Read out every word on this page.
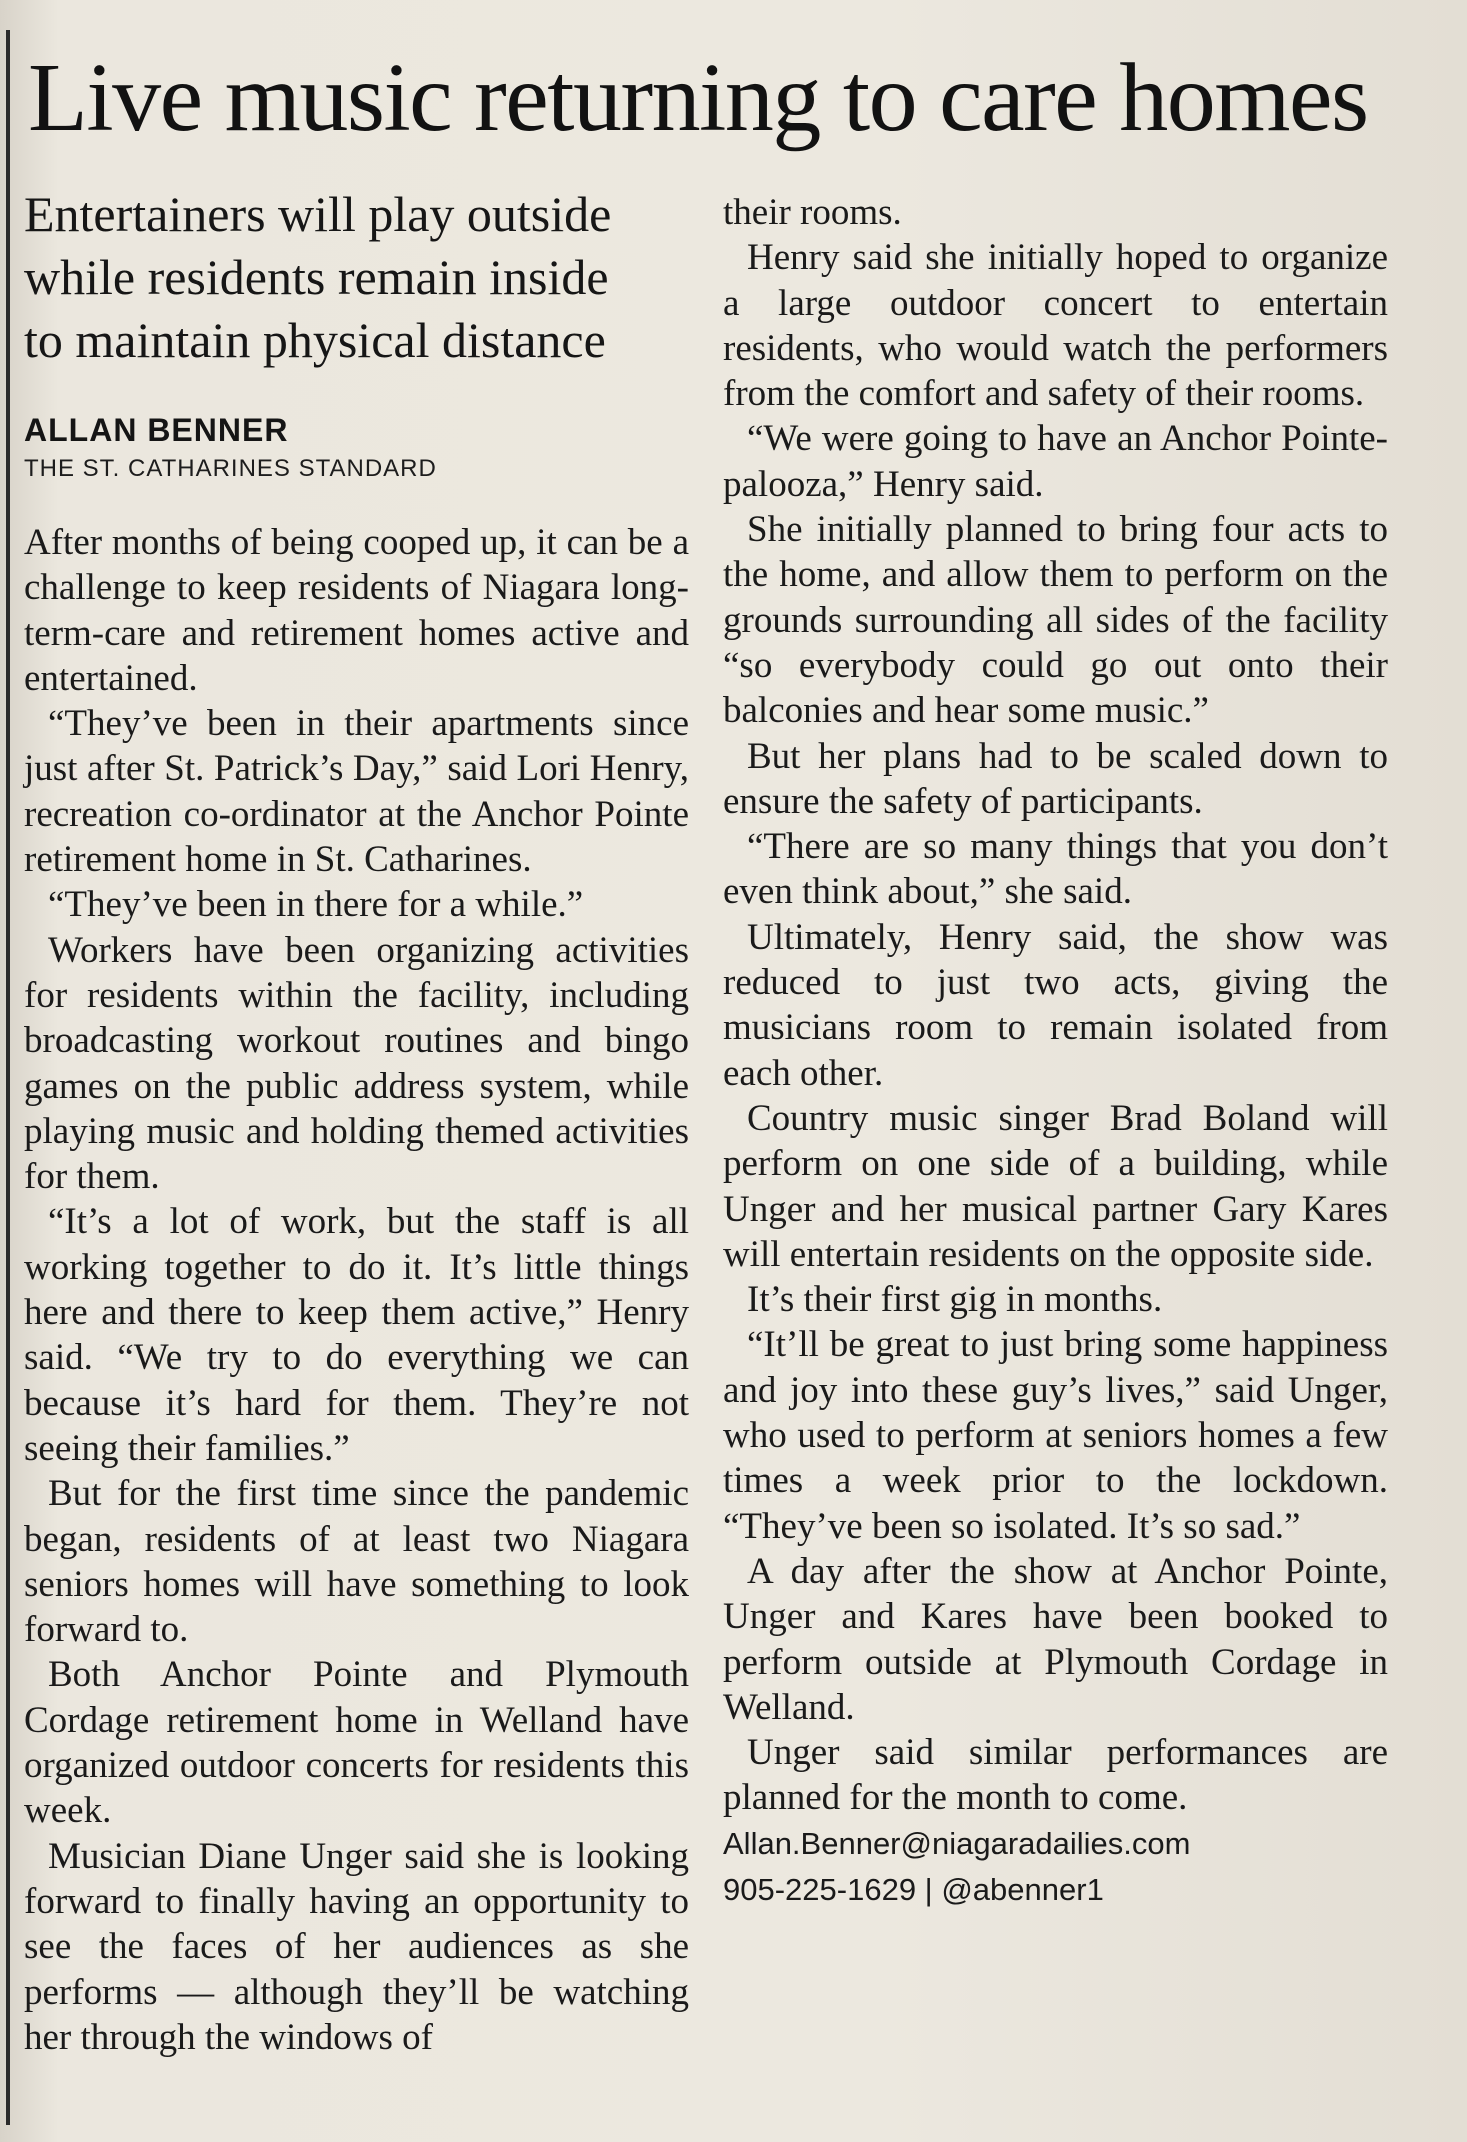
Live music returning to care homes
Entertainers will play outside
while residents remain inside
to maintain physical distance
ALLAN BENNER
THE ST. CATHARINES STANDARD

After months of being cooped up, it can be a challenge to keep residents of Niagara long-term-care and retirement homes active and entertained.

“They’ve been in their apartments since just after St. Patrick’s Day,” said Lori Henry, recreation co-ordinator at the Anchor Pointe retirement home in St. Catharines.

“They’ve been in there for a while.”

Workers have been organizing activities for residents within the facility, including broadcasting workout routines and bingo games on the public address system, while playing music and holding themed activities for them.

“It’s a lot of work, but the staff is all working together to do it. It’s little things here and there to keep them active,” Henry said. “We try to do everything we can because it’s hard for them. They’re not seeing their families.”

But for the first time since the pandemic began, residents of at least two Niagara seniors homes will have something to look forward to.

Both Anchor Pointe and Plymouth Cordage retirement home in Welland have organized outdoor concerts for residents this week.

Musician Diane Unger said she is looking forward to finally having an opportunity to see the faces of her audiences as she performs — although they’ll be watching her through the windows of

their rooms.

Henry said she initially hoped to organize a large outdoor concert to entertain residents, who would watch the performers from the comfort and safety of their rooms.

“We were going to have an Anchor Pointe-palooza,” Henry said.

She initially planned to bring four acts to the home, and allow them to perform on the grounds surrounding all sides of the facility “so everybody could go out onto their balconies and hear some music.”

But her plans had to be scaled down to ensure the safety of participants.

“There are so many things that you don’t even think about,” she said.

Ultimately, Henry said, the show was reduced to just two acts, giving the musicians room to remain isolated from each other.

Country music singer Brad Boland will perform on one side of a building, while Unger and her musical partner Gary Kares will entertain residents on the opposite side.

It’s their first gig in months.

“It’ll be great to just bring some happiness and joy into these guy’s lives,” said Unger, who used to perform at seniors homes a few times a week prior to the lockdown. “They’ve been so isolated. It’s so sad.”

A day after the show at Anchor Pointe, Unger and Kares have been booked to perform outside at Plymouth Cordage in Welland.

Unger said similar performances are planned for the month to come.

Allan.Benner@niagaradailies.com
905-225-1629 | @abenner1
